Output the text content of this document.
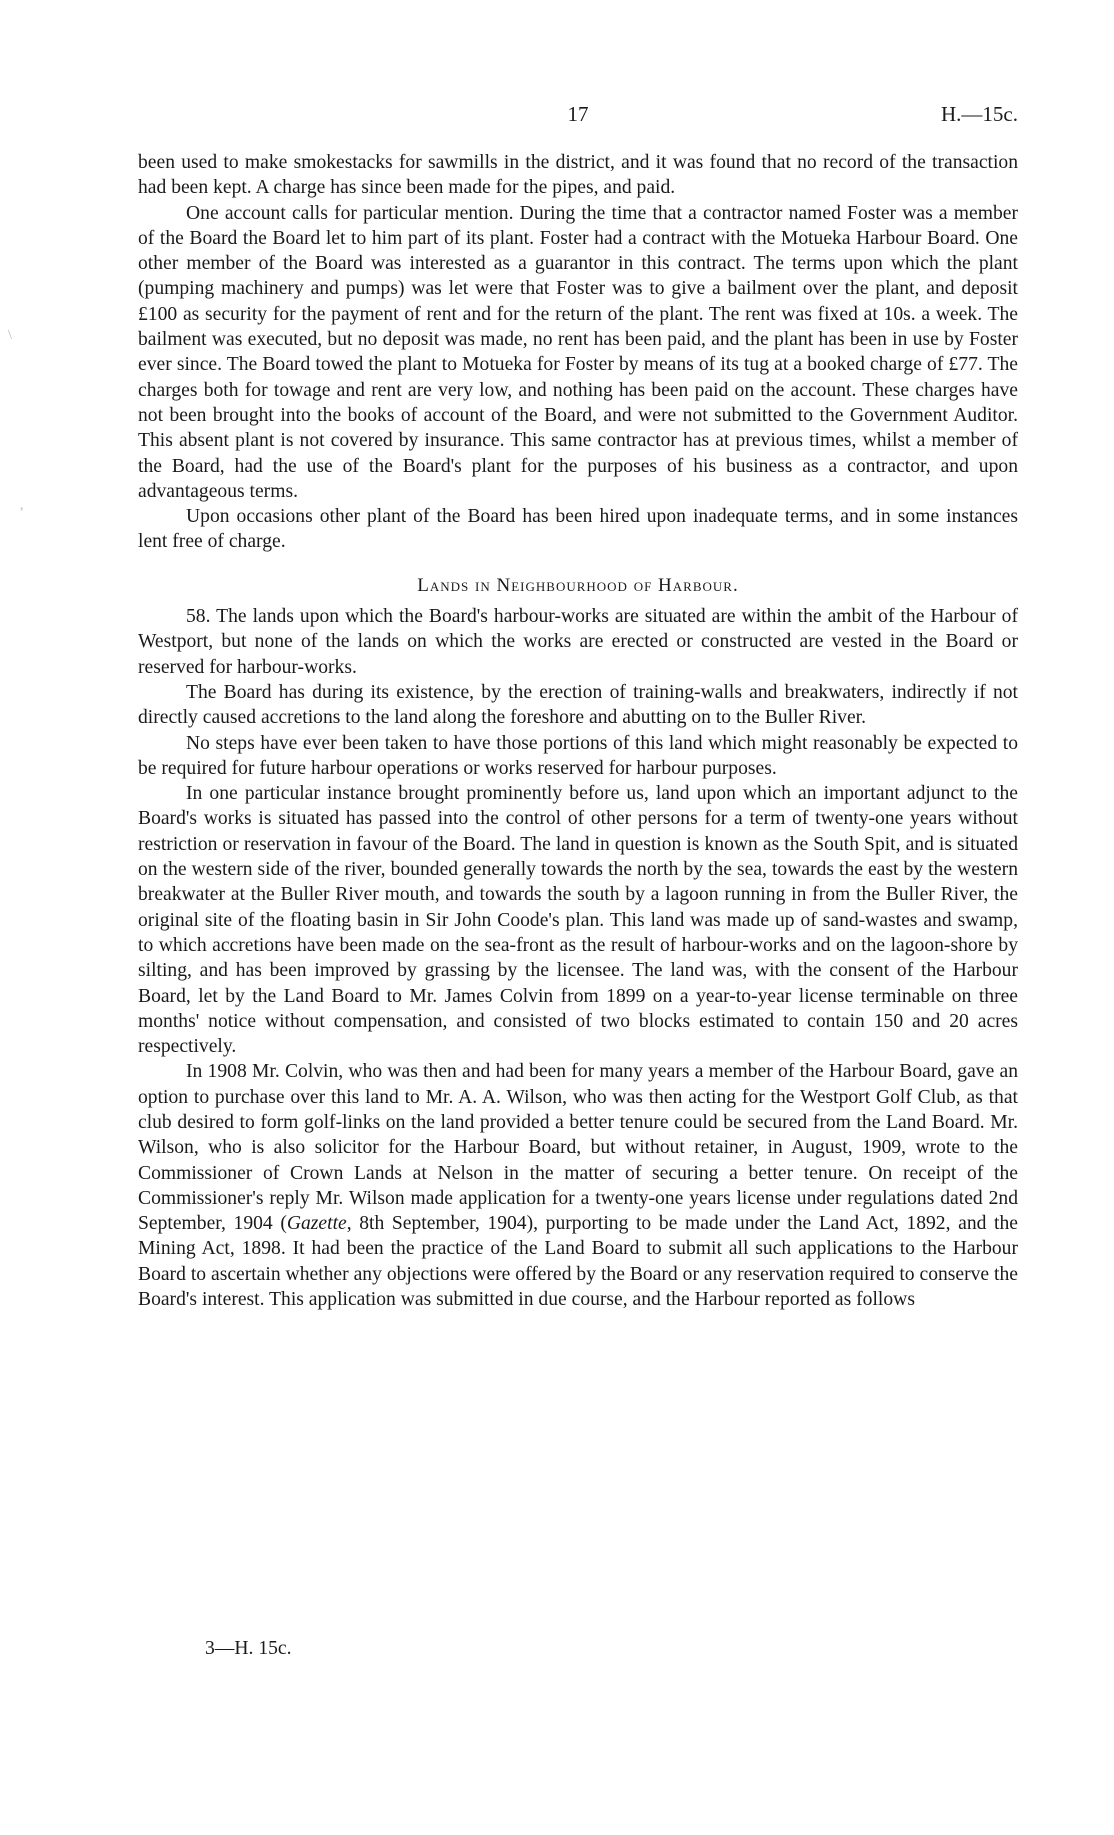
17	H.—15c.

been used to make smokestacks for sawmills in the district, and it was found that no record of the transaction had been kept. A charge has since been made for the pipes, and paid.

One account calls for particular mention. During the time that a contractor named Foster was a member of the Board the Board let to him part of its plant. Foster had a contract with the Motueka Harbour Board. One other member of the Board was interested as a guarantor in this contract. The terms upon which the plant (pumping machinery and pumps) was let were that Foster was to give a bailment over the plant, and deposit £100 as security for the payment of rent and for the return of the plant. The rent was fixed at 10s. a week. The bailment was executed, but no deposit was made, no rent has been paid, and the plant has been in use by Foster ever since. The Board towed the plant to Motueka for Foster by means of its tug at a booked charge of £77. The charges both for towage and rent are very low, and nothing has been paid on the account. These charges have not been brought into the books of account of the Board, and were not submitted to the Government Auditor. This absent plant is not covered by insurance. This same contractor has at previous times, whilst a member of the Board, had the use of the Board's plant for the purposes of his business as a contractor, and upon advantageous terms.

Upon occasions other plant of the Board has been hired upon inadequate terms, and in some instances lent free of charge.

Lands in Neighbourhood of Harbour.

58. The lands upon which the Board's harbour-works are situated are within the ambit of the Harbour of Westport, but none of the lands on which the works are erected or constructed are vested in the Board or reserved for harbour-works.

The Board has during its existence, by the erection of training-walls and breakwaters, indirectly if not directly caused accretions to the land along the foreshore and abutting on to the Buller River.

No steps have ever been taken to have those portions of this land which might reasonably be expected to be required for future harbour operations or works reserved for harbour purposes.

In one particular instance brought prominently before us, land upon which an important adjunct to the Board's works is situated has passed into the control of other persons for a term of twenty-one years without restriction or reservation in favour of the Board. The land in question is known as the South Spit, and is situated on the western side of the river, bounded generally towards the north by the sea, towards the east by the western breakwater at the Buller River mouth, and towards the south by a lagoon running in from the Buller River, the original site of the floating basin in Sir John Coode's plan. This land was made up of sand-wastes and swamp, to which accretions have been made on the sea-front as the result of harbour-works and on the lagoon-shore by silting, and has been improved by grassing by the licensee. The land was, with the consent of the Harbour Board, let by the Land Board to Mr. James Colvin from 1899 on a year-to-year license terminable on three months' notice without compensation, and consisted of two blocks estimated to contain 150 and 20 acres respectively.

In 1908 Mr. Colvin, who was then and had been for many years a member of the Harbour Board, gave an option to purchase over this land to Mr. A. A. Wilson, who was then acting for the Westport Golf Club, as that club desired to form golf-links on the land provided a better tenure could be secured from the Land Board. Mr. Wilson, who is also solicitor for the Harbour Board, but without retainer, in August, 1909, wrote to the Commissioner of Crown Lands at Nelson in the matter of securing a better tenure. On receipt of the Commissioner's reply Mr. Wilson made application for a twenty-one years license under regulations dated 2nd September, 1904 (Gazette, 8th September, 1904), purporting to be made under the Land Act, 1892, and the Mining Act, 1898. It had been the practice of the Land Board to submit all such applications to the Harbour Board to ascertain whether any objections were offered by the Board or any reservation required to conserve the Board's interest. This application was submitted in due course, and the Harbour reported as follows

3—H. 15c.
\
,
